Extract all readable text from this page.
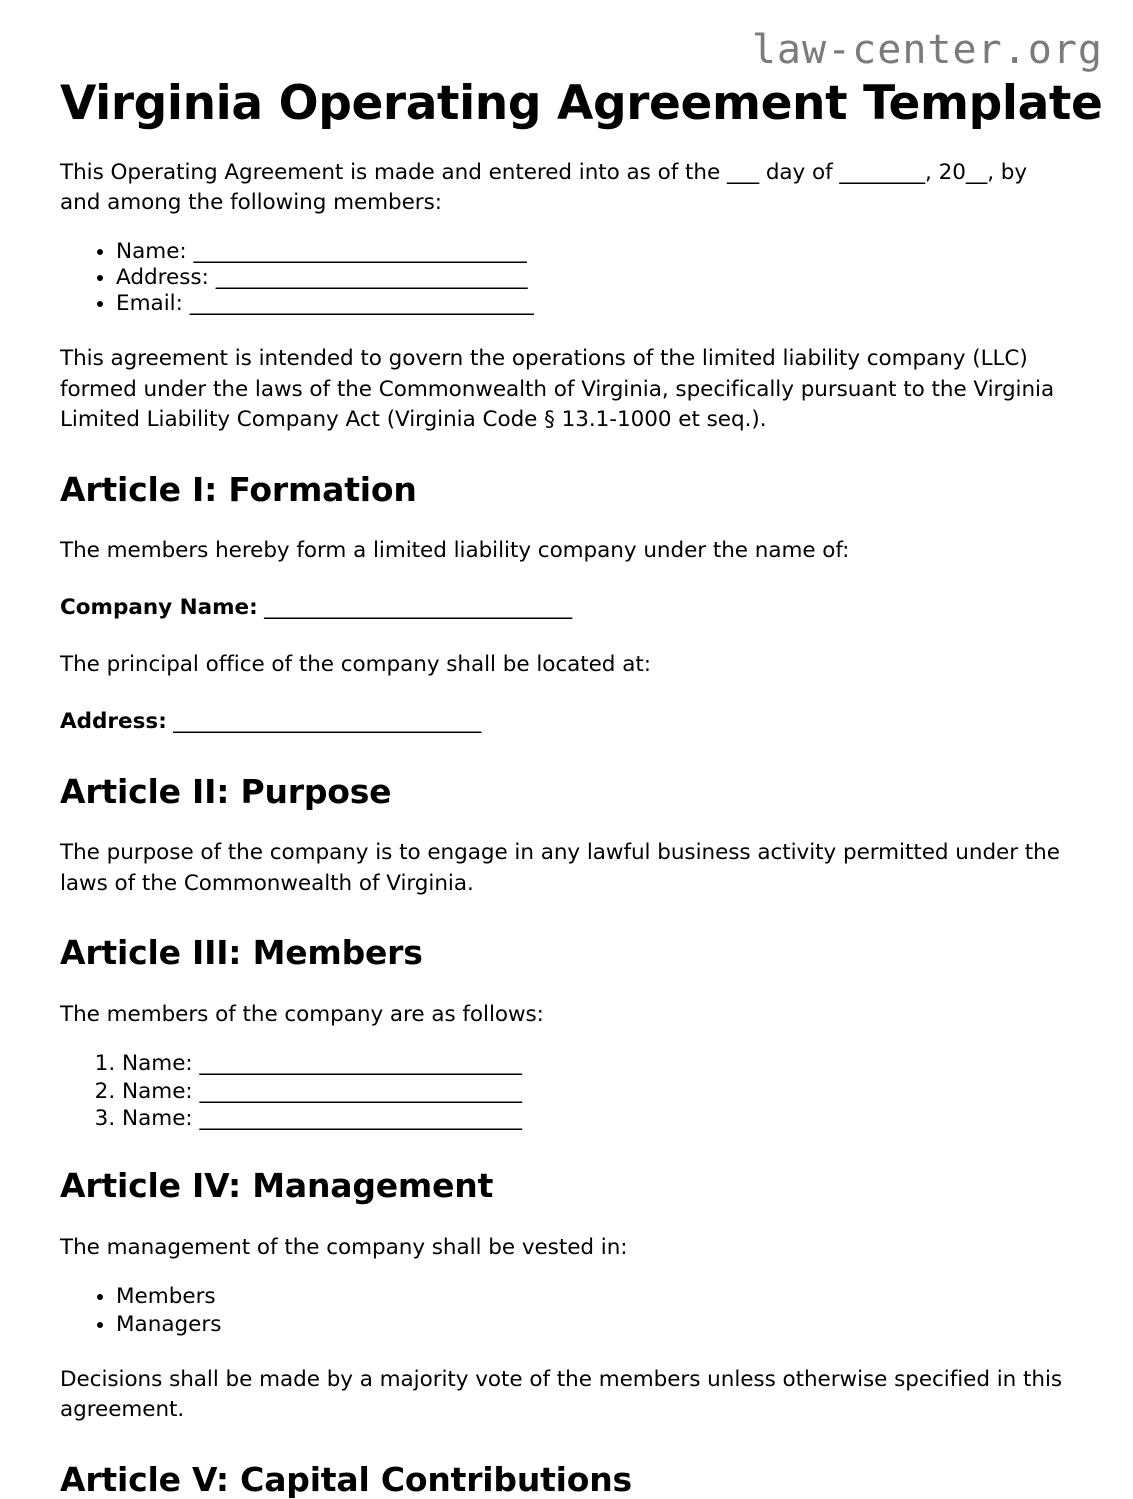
law-center.org
Virginia Operating Agreement Template

This Operating Agreement is made and entered into as of the ___ day of ________, 20__, by and among the following members:

• Name: _______________________________
• Address: _____________________________
• Email: ________________________________

This agreement is intended to govern the operations of the limited liability company (LLC) formed under the laws of the Commonwealth of Virginia, specifically pursuant to the Virginia Limited Liability Company Act (Virginia Code § 13.1-1000 et seq.).

Article I: Formation

The members hereby form a limited liability company under the name of:

Company Name: ______________________________

The principal office of the company shall be located at:

Address: ______________________________

Article II: Purpose

The purpose of the company is to engage in any lawful business activity permitted under the laws of the Commonwealth of Virginia.

Article III: Members

The members of the company are as follows:

1. Name: ______________________________
2. Name: ______________________________
3. Name: ______________________________
Article IV: Management

The management of the company shall be vested in:

• Members
• Managers

Decisions shall be made by a majority vote of the members unless otherwise specified in this agreement.

Article V: Capital Contributions
